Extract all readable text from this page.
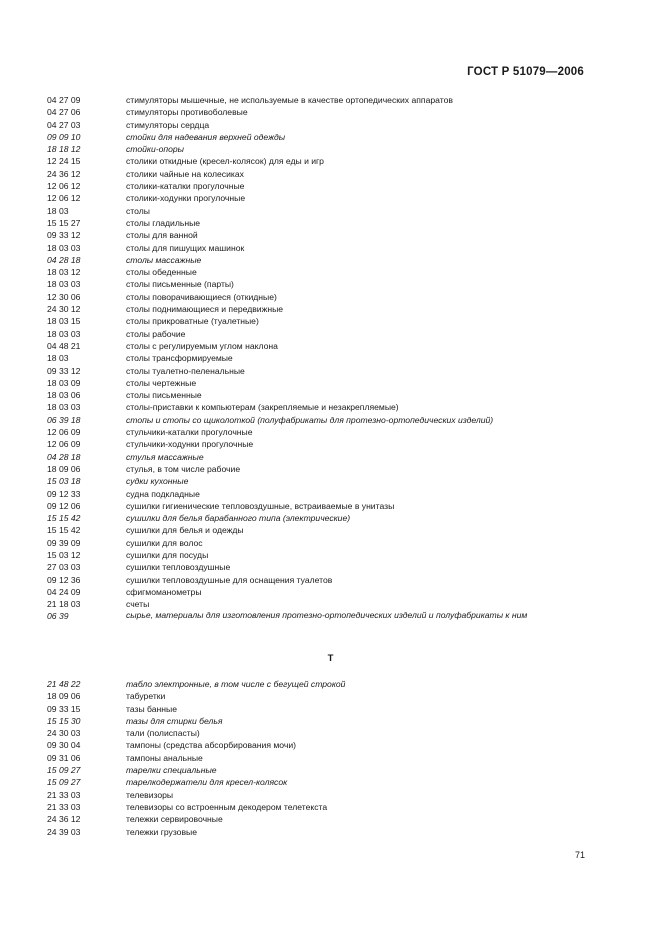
ГОСТ Р 51079—2006
04 27 09	стимуляторы мышечные, не используемые в качестве ортопедических аппаратов
04 27 06	стимуляторы противоболевые
04 27 03	стимуляторы сердца
09 09 10	стойки для надевания верхней одежды
18 18 12	стойки-опоры
12 24 15	столики откидные (кресел-колясок) для еды и игр
24 36 12	столики чайные на колесиках
12 06 12	столики-каталки прогулочные
12 06 12	столики-ходунки прогулочные
18 03	столы
15 15 27	столы гладильные
09 33 12	столы для ванной
18 03 03	столы для пишущих машинок
04 28 18	столы массажные
18 03 12	столы обеденные
18 03 03	столы письменные (парты)
12 30 06	столы поворачивающиеся (откидные)
24 30 12	столы поднимающиеся и передвижные
18 03 15	столы прикроватные (туалетные)
18 03 03	столы рабочие
04 48 21	столы с регулируемым углом наклона
18 03	столы трансформируемые
09 33 12	столы туалетно-пеленальные
18 03 09	столы чертежные
18 03 06	столы письменные
18 03 03	столы-приставки к компьютерам (закрепляемые и незакрепляемые)
06 39 18	стопы и стопы со щиколоткой (полуфабрикаты для протезно-ортопедических изделий)
12 06 09	стульчики-каталки прогулочные
12 06 09	стульчики-ходунки прогулочные
04 28 18	стулья массажные
18 09 06	стулья, в том числе рабочие
15 03 18	судки кухонные
09 12 33	судна подкладные
09 12 06	сушилки гигиенические тепловоздушные, встраиваемые в унитазы
15 15 42	сушилки для белья барабанного типа (электрические)
15 15 42	сушилки для белья и одежды
09 39 09	сушилки для волос
15 03 12	сушилки для посуды
27 03 03	сушилки тепловоздушные
09 12 36	сушилки тепловоздушные для оснащения туалетов
04 24 09	сфигмоманометры
21 18 03	счеты
06 39	сырье, материалы для изготовления протезно-ортопедических изделий и полуфабрикаты к ним
Т
21 48 22	табло электронные, в том числе с бегущей строкой
18 09 06	табуретки
09 33 15	тазы банные
15 15 30	тазы для стирки белья
24 30 03	тали (полиспасты)
09 30 04	тампоны (средства абсорбирования мочи)
09 31 06	тампоны анальные
15 09 27	тарелки специальные
15 09 27	тарелкодержатели для кресел-колясок
21 33 03	телевизоры
21 33 03	телевизоры со встроенным декодером телетекста
24 36 12	тележки сервировочные
24 39 03	тележки грузовые
71
